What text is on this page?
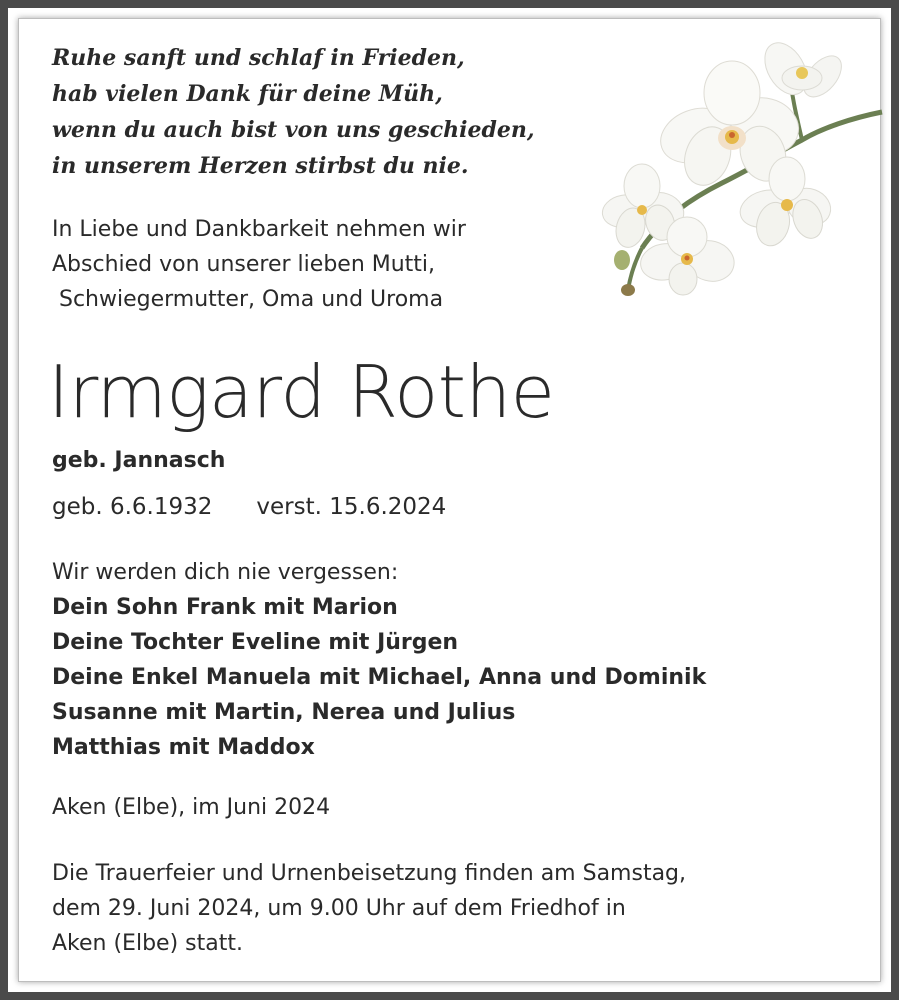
Ruhe sanft und schlaf in Frieden,
hab vielen Dank für deine Müh,
wenn du auch bist von uns geschieden,
in unserem Herzen stirbst du nie.
In Liebe und Dankbarkeit nehmen wir
Abschied von unserer lieben Mutti,
Schwiegermutter, Oma und Uroma
Irmgard Rothe
geb. Jannasch
geb. 6.6.1932 verst. 15.6.2024
Wir werden dich nie vergessen:
Dein Sohn Frank mit Marion
Deine Tochter Eveline mit Jürgen
Deine Enkel Manuela mit Michael, Anna und Dominik
Susanne mit Martin, Nerea und Julius
Matthias mit Maddox
Aken (Elbe), im Juni 2024
Die Trauerfeier und Urnenbeisetzung finden am Samstag,
dem 29. Juni 2024, um 9.00 Uhr auf dem Friedhof in
Aken (Elbe) statt.
